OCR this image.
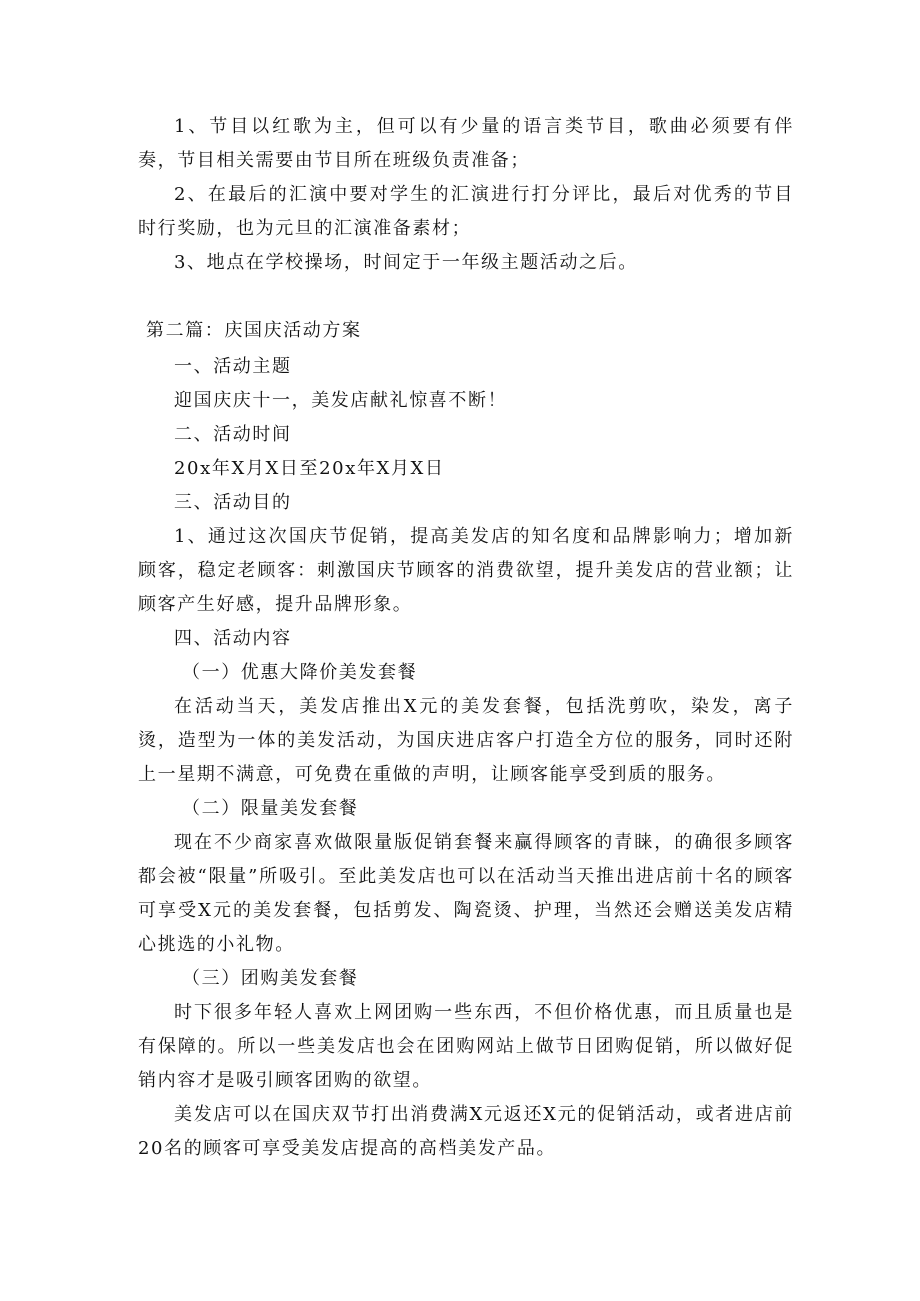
1、节目以红歌为主，但可以有少量的语言类节目，歌曲必须要有伴奏，节目相关需要由节目所在班级负责准备；

2、在最后的汇演中要对学生的汇演进行打分评比，最后对优秀的节目时行奖励，也为元旦的汇演准备素材；

3、地点在学校操场，时间定于一年级主题活动之后。

第二篇：庆国庆活动方案

一、活动主题

迎国庆庆十一，美发店献礼惊喜不断！

二、活动时间

20x年X月X日至20x年X月X日

三、活动目的

1、通过这次国庆节促销，提高美发店的知名度和品牌影响力；增加新顾客，稳定老顾客：刺激国庆节顾客的消费欲望，提升美发店的营业额；让顾客产生好感，提升品牌形象。

四、活动内容

（一）优惠大降价美发套餐

在活动当天，美发店推出X元的美发套餐，包括洗剪吹，染发，离子烫，造型为一体的美发活动，为国庆进店客户打造全方位的服务，同时还附上一星期不满意，可免费在重做的声明，让顾客能享受到质的服务。

（二）限量美发套餐

现在不少商家喜欢做限量版促销套餐来赢得顾客的青睐，的确很多顾客都会被“限量”所吸引。至此美发店也可以在活动当天推出进店前十名的顾客可享受X元的美发套餐，包括剪发、陶瓷烫、护理，当然还会赠送美发店精心挑选的小礼物。

（三）团购美发套餐

时下很多年轻人喜欢上网团购一些东西，不但价格优惠，而且质量也是有保障的。所以一些美发店也会在团购网站上做节日团购促销，所以做好促销内容才是吸引顾客团购的欲望。

美发店可以在国庆双节打出消费满X元返还X元的促销活动，或者进店前20名的顾客可享受美发店提高的高档美发产品。
